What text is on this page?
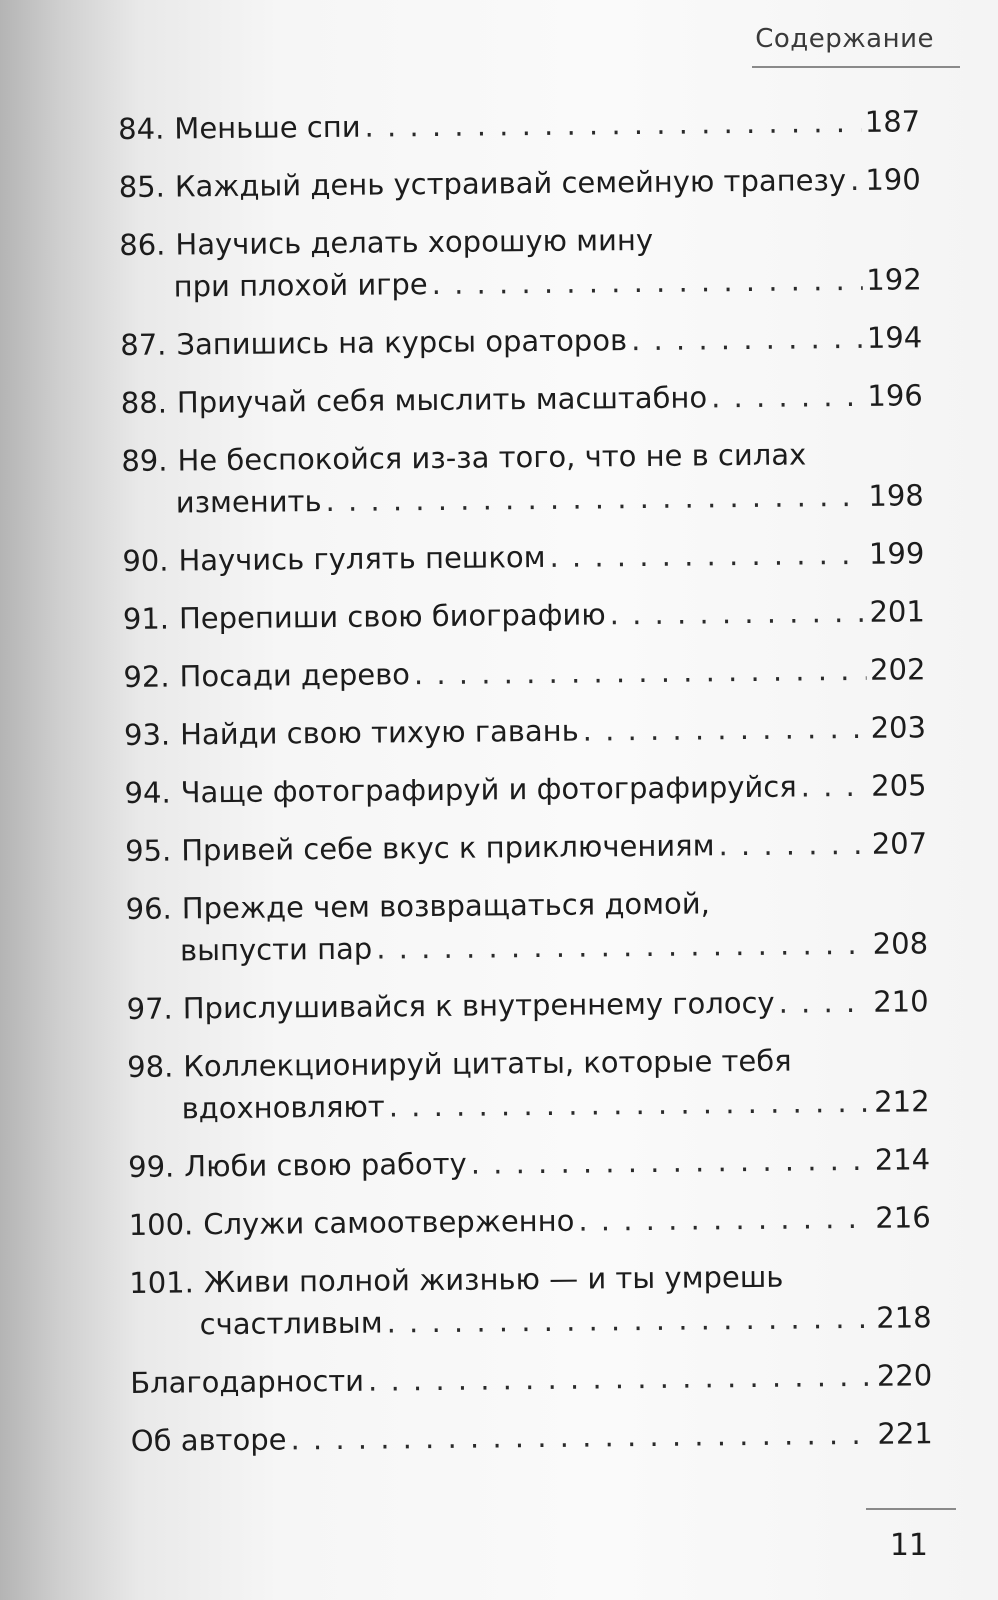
Содержание
84. Меньше спи . . .	187
85. Каждый день устраивай семейную трапезу . . . 190
86. Научись делать хорошую мину
при плохой игре . . .	192
87. Запишись на курсы ораторов . . .	194
88. Приучай себя мыслить масштабно . . .	196
89. Не беспокойся из-за того, что не в силах
изменить . . .	198
90. Научись гулять пешком . . .	199
91. Перепиши свою биографию . . .	201
92. Посади дерево . . .	202
93. Найди свою тихую гавань . . .	203
94. Чаще фотографируй и фотографируйся . . .	205
95. Привей себе вкус к приключениям . . .	207
96. Прежде чем возвращаться домой,
выпусти пар . . .	208
97. Прислушивайся к внутреннему голосу . . .	210
98. Коллекционируй цитаты, которые тебя
вдохновляют . . .	212
99. Люби свою работу . . .	214
100. Служи самоотверженно . . .	216
101. Живи полной жизнью — и ты умрешь
счастливым . . .	218
Благодарности . . .	220
Об авторе . . .	221
11
